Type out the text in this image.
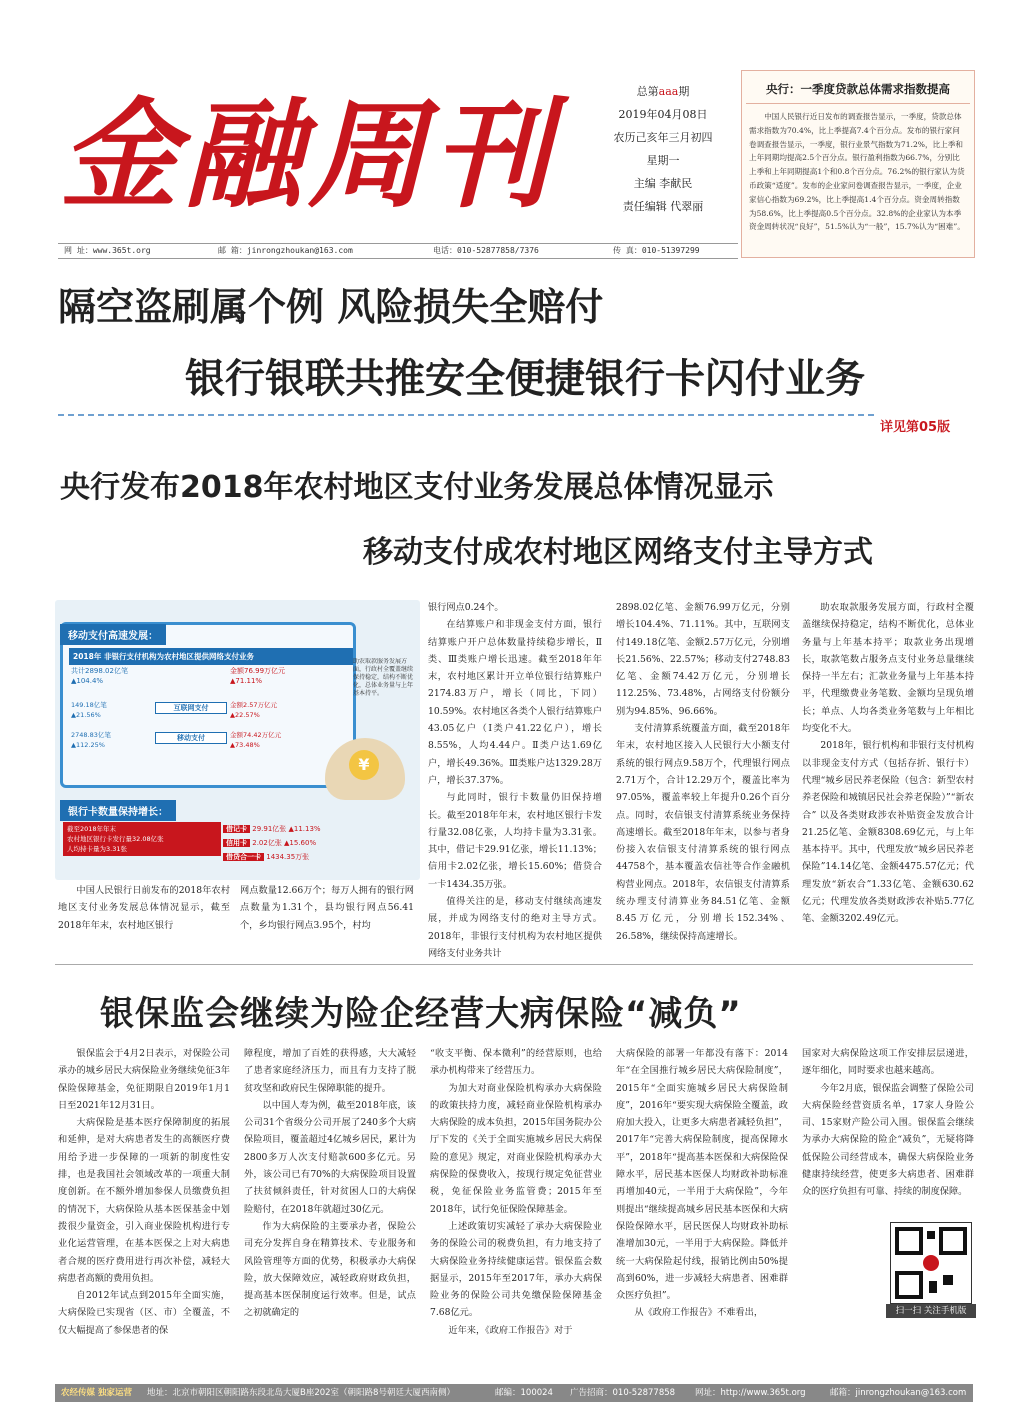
金融周刊	总第aaa期
2019年04月08日
农历己亥年三月初四
星期一
主编 李献民
责任编辑 代翠丽
央行：一季度贷款总体需求指数提高
中国人民银行近日发布的调查报告显示，一季度，贷款总体需求指数为70.4%，比上季提高7.4个百分点。发布的银行家问卷调查报告显示，一季度，银行业景气指数为71.2%，比上季和上年同期均提高2.5个百分点。银行盈利指数为66.7%，分别比上季和上年同期提高1个和0.8个百分点。76.2%的银行家认为货币政策“适度”。发布的企业家问卷调查报告显示，一季度，企业家信心指数为69.2%，比上季提高1.4个百分点。资金周转指数为58.6%，比上季提高0.5个百分点。32.8%的企业家认为本季资金周转状况“良好”，51.5%认为“一般”，15.7%认为“困难”。
网 址：www.365t.org	邮 箱：jinrongzhoukan@163.com	电话：010-52877858/7376	传 真：010-51397299
隔空盗刷属个例 风险损失全赔付
银行银联共推安全便捷银行卡闪付业务
详见第05版
央行发布2018年农村地区支付业务发展总体情况显示
移动支付成农村地区网络支付主导方式
移动支付高速发展：
2018年 非银行支付机构为农村地区提供网络支付业务
共计2898.02亿笔
▲104.4%
金额76.99万亿元
▲71.11%
149.18亿笔
▲21.56%
互联网支付	金额2.57万亿元
▲22.57%
2748.83亿笔
▲112.25%
移动支付	金额74.42万亿元
▲73.48%
助农取款服务发展方面，行政村全覆盖继续保持稳定，结构不断优化，总体业务量与上年基本持平。
¥
银行卡数量保持增长：
截至2018年年末
农村地区银行卡发行量32.08亿张
人均持卡量为3.31张
借记卡 29.91亿张 ▲11.13%
信用卡 2.02亿张 ▲15.60%
借贷合一卡 1434.35万张

中国人民银行日前发布的2018年农村地区支付业务发展总体情况显示，截至2018年年末，农村地区银行

网点数量12.66万个；每万人拥有的银行网点数量为1.31个，县均银行网点56.41个，乡均银行网点3.95个，村均

银行网点0.24个。

在结算账户和非现金支付方面，银行结算账户开户总体数量持续稳步增长，Ⅱ类、Ⅲ类账户增长迅速。截至2018年年末，农村地区累计开立单位银行结算账户2174.83万户，增长（同比，下同）10.59%。农村地区各类个人银行结算账户43.05亿户（Ⅰ类户41.22亿户），增长8.55%，人均4.44户。Ⅱ类户达1.69亿户，增长49.36%。Ⅲ类账户达1329.28万户，增长37.37%。

与此同时，银行卡数量仍旧保持增长。截至2018年年末，农村地区银行卡发行量32.08亿张，人均持卡量为3.31张。其中，借记卡29.91亿张，增长11.13%；信用卡2.02亿张，增长15.60%；借贷合一卡1434.35万张。

值得关注的是，移动支付继续高速发展，并成为网络支付的绝对主导方式。2018年，非银行支付机构为农村地区提供网络支付业务共计

2898.02亿笔、金额76.99万亿元，分别增长104.4%、71.11%。其中，互联网支付149.18亿笔、金额2.57万亿元，分别增长21.56%、22.57%；移动支付2748.83亿笔、金额74.42万亿元，分别增长112.25%、73.48%，占网络支付份额分别为94.85%、96.66%。

支付清算系统覆盖方面，截至2018年年末，农村地区接入人民银行大小额支付系统的银行网点9.58万个，代理银行网点2.71万个，合计12.29万个，覆盖比率为97.05%，覆盖率较上年提升0.26个百分点。同时，农信银支付清算系统业务保持高速增长。截至2018年年末，以参与者身份接入农信银支付清算系统的银行网点44758个，基本覆盖农信社等合作金融机构营业网点。2018年，农信银支付清算系统办理支付清算业务84.51亿笔、金额8.45万亿元，分别增长152.34%、26.58%，继续保持高速增长。

助农取款服务发展方面，行政村全覆盖继续保持稳定，结构不断优化，总体业务量与上年基本持平；取款业务出现增长，取款笔数占服务点支付业务总量继续保持一半左右；汇款业务量与上年基本持平，代理缴费业务笔数、金额均呈现负增长；单点、人均各类业务笔数与上年相比均变化不大。

2018年，银行机构和非银行支付机构以非现金支付方式（包括存折、银行卡）代理“城乡居民养老保险（包含：新型农村养老保险和城镇居民社会养老保险）”“新农合” 以及各类财政涉农补贴资金发放合计21.25亿笔、金额8308.69亿元，与上年基本持平。其中，代理发放“城乡居民养老保险”14.14亿笔、金额4475.57亿元；代理发放“新农合”1.33亿笔、金额630.62亿元；代理发放各类财政涉农补贴5.77亿笔、金额3202.49亿元。

银保监会继续为险企经营大病保险“减负”

银保监会于4月2日表示，对保险公司承办的城乡居民大病保险业务继续免征3年保险保障基金，免征期限自2019年1月1日至2021年12月31日。

大病保险是基本医疗保障制度的拓展和延伸，是对大病患者发生的高额医疗费用给予进一步保障的一项新的制度性安排，也是我国社会领域改革的一项重大制度创新。在不额外增加参保人员缴费负担的情况下，大病保险从基本医保基金中划拨很少量资金，引入商业保险机构进行专业化运营管理，在基本医保之上对大病患者合规的医疗费用进行再次补偿，减轻大病患者高额的费用负担。

自2012年试点到2015年全面实施，大病保险已实现省（区、市）全覆盖，不仅大幅提高了参保患者的保

障程度，增加了百姓的获得感，大大减轻了患者家庭经济压力，而且有力支持了脱贫攻坚和政府民生保障职能的提升。

以中国人寿为例，截至2018年底，该公司31个省级分公司开展了240多个大病保险项目，覆盖超过4亿城乡居民，累计为2800多万人次支付赔款600多亿元。另外，该公司已有70%的大病保险项目设置了扶贫倾斜责任，针对贫困人口的大病保险赔付，在2018年就超过30亿元。

作为大病保险的主要承办者，保险公司充分发挥自身在精算技术、专业服务和风险管理等方面的优势，积极承办大病保险，放大保障效应，减轻政府财政负担，提高基本医保制度运行效率。但是，试点之初就确定的

“收支平衡、保本微利”的经营原则，也给承办机构带来了经营压力。

为加大对商业保险机构承办大病保险的政策扶持力度，减轻商业保险机构承办大病保险的成本负担，2015年国务院办公厅下发的《关于全面实施城乡居民大病保险的意见》规定，对商业保险机构承办大病保险的保费收入，按现行规定免征营业税，免征保险业务监管费；2015年至2018年，试行免征保险保障基金。

上述政策切实减轻了承办大病保险业务的保险公司的税费负担，有力地支持了大病保险业务持续健康运营。银保监会数据显示，2015年至2017年，承办大病保险业务的保险公司共免缴保险保障基金7.68亿元。

近年来，《政府工作报告》对于

大病保险的部署一年都没有落下：2014年“在全国推行城乡居民大病保险制度”，2015年“全面实施城乡居民大病保险制度”，2016年“要实现大病保险全覆盖，政府加大投入，让更多大病患者减轻负担”，2017年“完善大病保险制度，提高保障水平”，2018年“提高基本医保和大病保险保障水平，居民基本医保人均财政补助标准再增加40元，一半用于大病保险”，今年则提出“继续提高城乡居民基本医保和大病保险保障水平，居民医保人均财政补助标准增加30元，一半用于大病保险。降低并统一大病保险起付线，报销比例由50%提高到60%，进一步减轻大病患者、困难群众医疗负担”。

从《政府工作报告》不难看出，

国家对大病保险这项工作安排层层递进，逐年细化，同时要求也越来越高。

今年2月底，银保监会调整了保险公司大病保险经营资质名单，17家人身险公司、15家财产险公司入围。银保监会继续为承办大病保险的险企“减负”，无疑将降低保险公司经营成本，确保大病保险业务健康持续经营，使更多大病患者、困难群众的医疗负担有可靠、持续的制度保障。

扫一扫 关注手机版
农经传媒 独家运营 地址：北京市朝阳区朝阳路东段北岛大厦B座202室（朝阳路8号朝廷大厦西南侧）	邮编：100024 广告招商：010-52877858 网址：http://www.365t.org	邮箱：jinrongzhoukan@163.com
